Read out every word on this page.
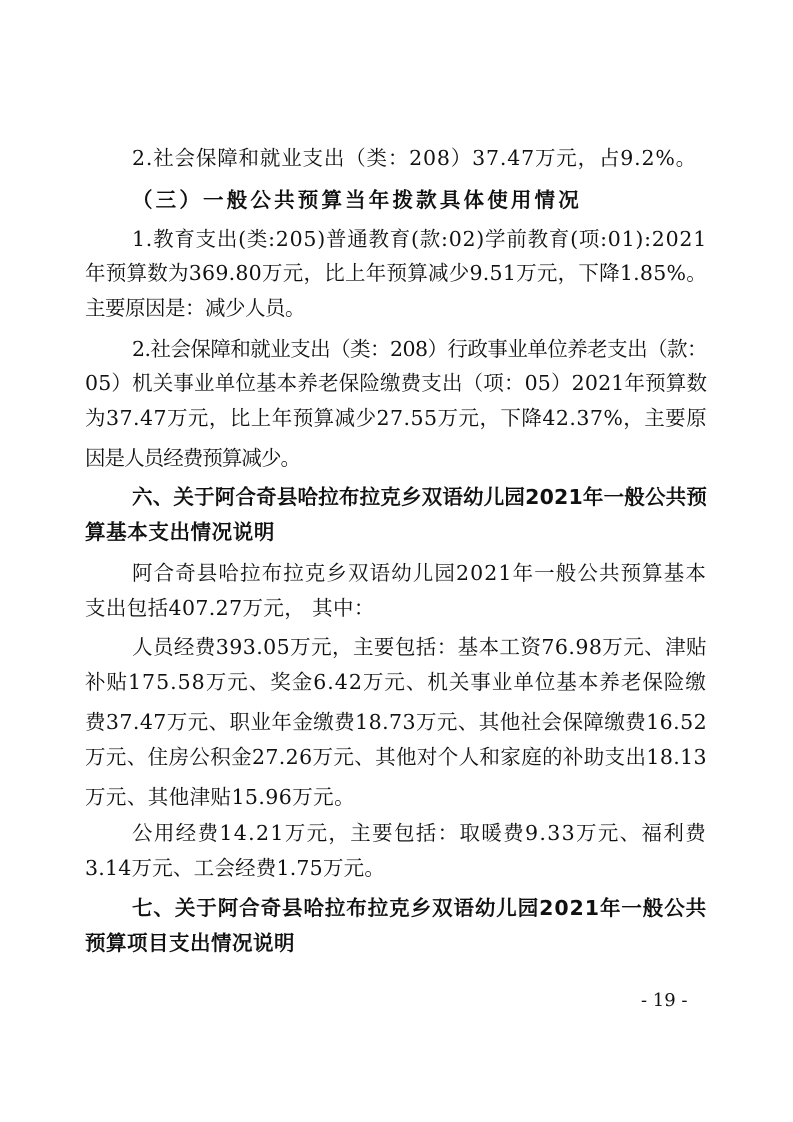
2.社会保障和就业支出（类：208）37.47万元，占9.2%。
（三）一般公共预算当年拨款具体使用情况
1.教育支出(类:205)普通教育(款:02)学前教育(项:01):2021
年预算数为369.80万元，比上年预算减少9.51万元，下降1.85%。
主要原因是：减少人员。
2.社会保障和就业支出（类：208）行政事业单位养老支出（款：
05）机关事业单位基本养老保险缴费支出（项：05）2021年预算数
为37.47万元，比上年预算减少27.55万元，下降42.37%，主要原
因是人员经费预算减少。
六、关于阿合奇县哈拉布拉克乡双语幼儿园2021年一般公共预
算基本支出情况说明
阿合奇县哈拉布拉克乡双语幼儿园2021年一般公共预算基本
支出包括407.27万元， 其中：
人员经费393.05万元，主要包括：基本工资76.98万元、津贴
补贴175.58万元、奖金6.42万元、机关事业单位基本养老保险缴
费37.47万元、职业年金缴费18.73万元、其他社会保障缴费16.52
万元、住房公积金27.26万元、其他对个人和家庭的补助支出18.13
万元、其他津贴15.96万元。
公用经费14.21万元，主要包括：取暖费9.33万元、福利费
3.14万元、工会经费1.75万元。
七、关于阿合奇县哈拉布拉克乡双语幼儿园2021年一般公共
预算项目支出情况说明
- 19 -
